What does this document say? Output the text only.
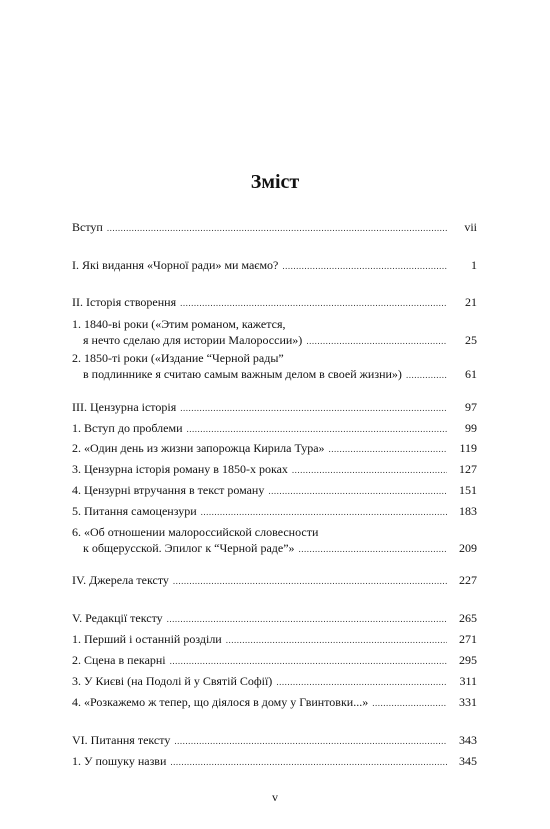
Зміст
Вступ .....	vii
I. Які видання «Чорної ради» ми маємо? .....	1
II. Історія створення .....	21
1. 1840-ві роки («Этим романом, кажется,
я нечто сделаю для истории Малороссии») .....	25
2. 1850-ті роки («Издание “Черной рады”
в подлиннике я считаю самым важным делом в своей жизни») .....	61
III. Цензурна історія .....	97
1. Вступ до проблеми .....	99
2. «Один день из жизни запорожца Кирила Тура» .....	119
3. Цензурна історія роману в 1850-х роках .....	127
4. Цензурні втручання в текст роману .....	151
5. Питання самоцензури .....	183
6. «Об отношении малороссийской словесности
к общерусской. Эпилог к “Черной раде”» .....	209
IV. Джерела тексту .....	227
V. Редакції тексту .....	265
1. Перший і останній розділи .....	271
2. Сцена в пекарні .....	295
3. У Києві (на Подолі й у Святій Софії) .....	311
4. «Розкажемо ж тепер, що діялося в дому у Гвинтовки...» .....	331
VI. Питання тексту .....	343
1. У пошуку назви .....	345
v
